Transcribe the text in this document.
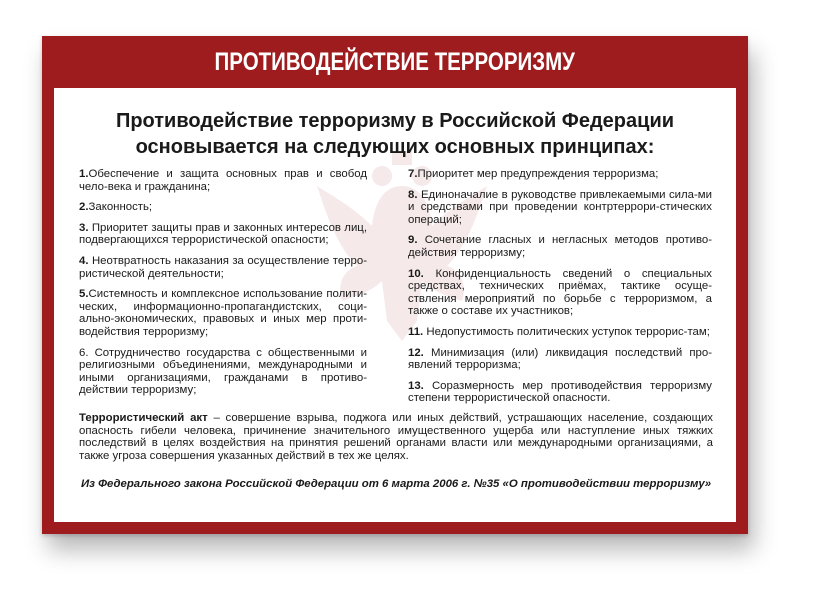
ПРОТИВОДЕЙСТВИЕ ТЕРРОРИЗМУ
Противодействие терроризму в Российской Федерации
основывается на следующих основных принципах:
1.Обеспечение и защита основных прав и свобод чело-века и гражданина;
2.Законность;
3. Приоритет защиты прав и законных интересов лиц, подвергающихся террористической опасности;
4. Неотвратность наказания за осуществление терро-ристической деятельности;
5.Системность и комплексное использование полити-ческих, информационно-пропагандистских, соци-ально-экономических, правовых и иных мер проти-водействия терроризму;
6. Сотрудничество государства с общественными и религиозными объединениями, международными и иными организациями, гражданами в противо-действии терроризму;
7.Приоритет мер предупреждения терроризма;
8. Единоначалие в руководстве привлекаемыми сила-ми и средствами при проведении контртеррори-стических операций;
9. Сочетание гласных и негласных методов противо-действия терроризму;
10. Конфиденциальность сведений о специальных средствах, технических приёмах, тактике осуще-ствления мероприятий по борьбе с терроризмом, а также о составе их участников;
11. Недопустимость политических уступок террорис-там;
12. Минимизация (или) ликвидация последствий про-явлений терроризма;
13. Соразмерность мер противодействия терроризму степени террористической опасности.
Террористический акт – совершение взрыва, поджога или иных действий, устрашающих население, создающих опасность гибели человека, причинение значительного имущественного ущерба или наступление иных тяжких последствий в целях воздействия на принятия решений органами власти или международными организациями, а также угроза совершения указанных действий в тех же целях.
Из Федерального закона Российской Федерации от 6 марта 2006 г. №35 «О противодействии терроризму»
